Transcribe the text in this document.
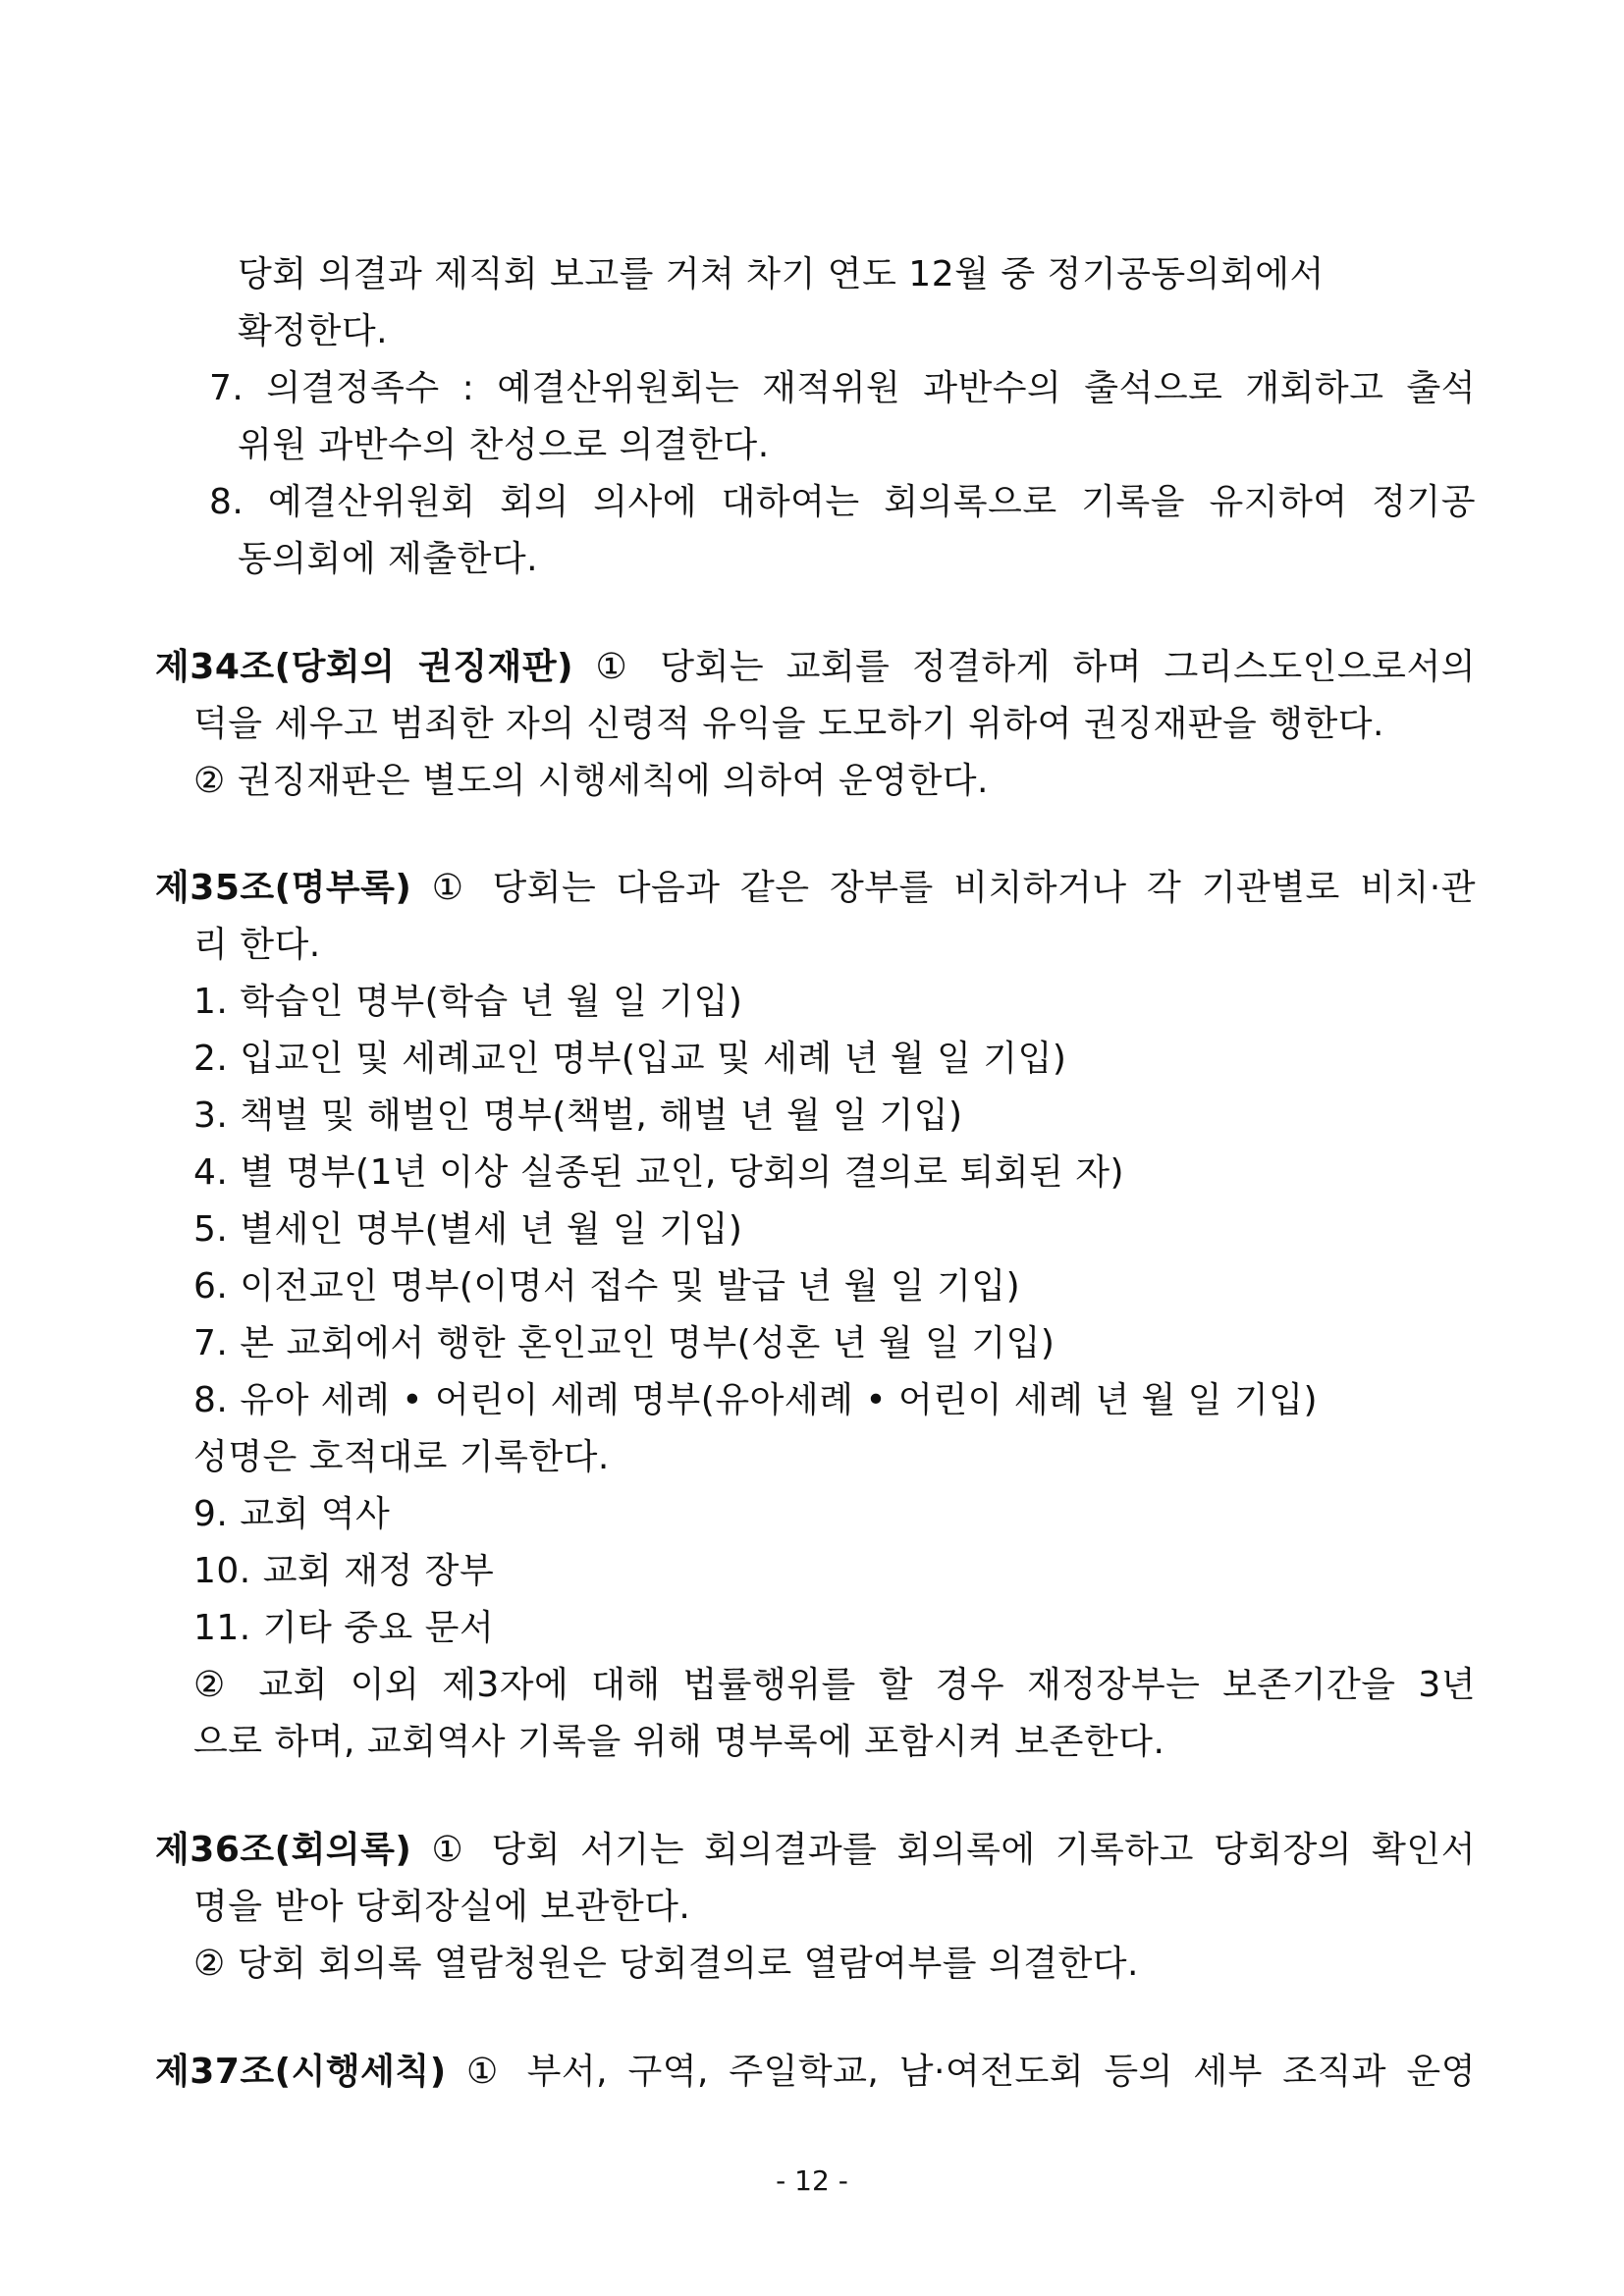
당회 의결과 제직회 보고를 거쳐 차기 연도 12월 중 정기공동의회에서
확정한다.
7. 의결정족수 : 예결산위원회는 재적위원 과반수의 출석으로 개회하고 출석
위원 과반수의 찬성으로 의결한다.
8. 예결산위원회 회의 의사에 대하여는 회의록으로 기록을 유지하여 정기공
동의회에 제출한다.
제34조(당회의 권징재판) ① 당회는 교회를 정결하게 하며 그리스도인으로서의
덕을 세우고 범죄한 자의 신령적 유익을 도모하기 위하여 권징재판을 행한다.
② 권징재판은 별도의 시행세칙에 의하여 운영한다.
제35조(명부록) ① 당회는 다음과 같은 장부를 비치하거나 각 기관별로 비치·관
리 한다.
1. 학습인 명부(학습 년 월 일 기입)
2. 입교인 및 세례교인 명부(입교 및 세례 년 월 일 기입)
3. 책벌 및 해벌인 명부(책벌, 해벌 년 월 일 기입)
4. 별 명부(1년 이상 실종된 교인, 당회의 결의로 퇴회된 자)
5. 별세인 명부(별세 년 월 일 기입)
6. 이전교인 명부(이명서 접수 및 발급 년 월 일 기입)
7. 본 교회에서 행한 혼인교인 명부(성혼 년 월 일 기입)
8. 유아 세례 • 어린이 세례 명부(유아세례 • 어린이 세례 년 월 일 기입)
성명은 호적대로 기록한다.
9. 교회 역사
10. 교회 재정 장부
11. 기타 중요 문서
② 교회 이외 제3자에 대해 법률행위를 할 경우 재정장부는 보존기간을 3년
으로 하며, 교회역사 기록을 위해 명부록에 포함시켜 보존한다.
제36조(회의록) ① 당회 서기는 회의결과를 회의록에 기록하고 당회장의 확인서
명을 받아 당회장실에 보관한다.
② 당회 회의록 열람청원은 당회결의로 열람여부를 의결한다.
제37조(시행세칙) ① 부서, 구역, 주일학교, 남·여전도회 등의 세부 조직과 운영
- 12 -
